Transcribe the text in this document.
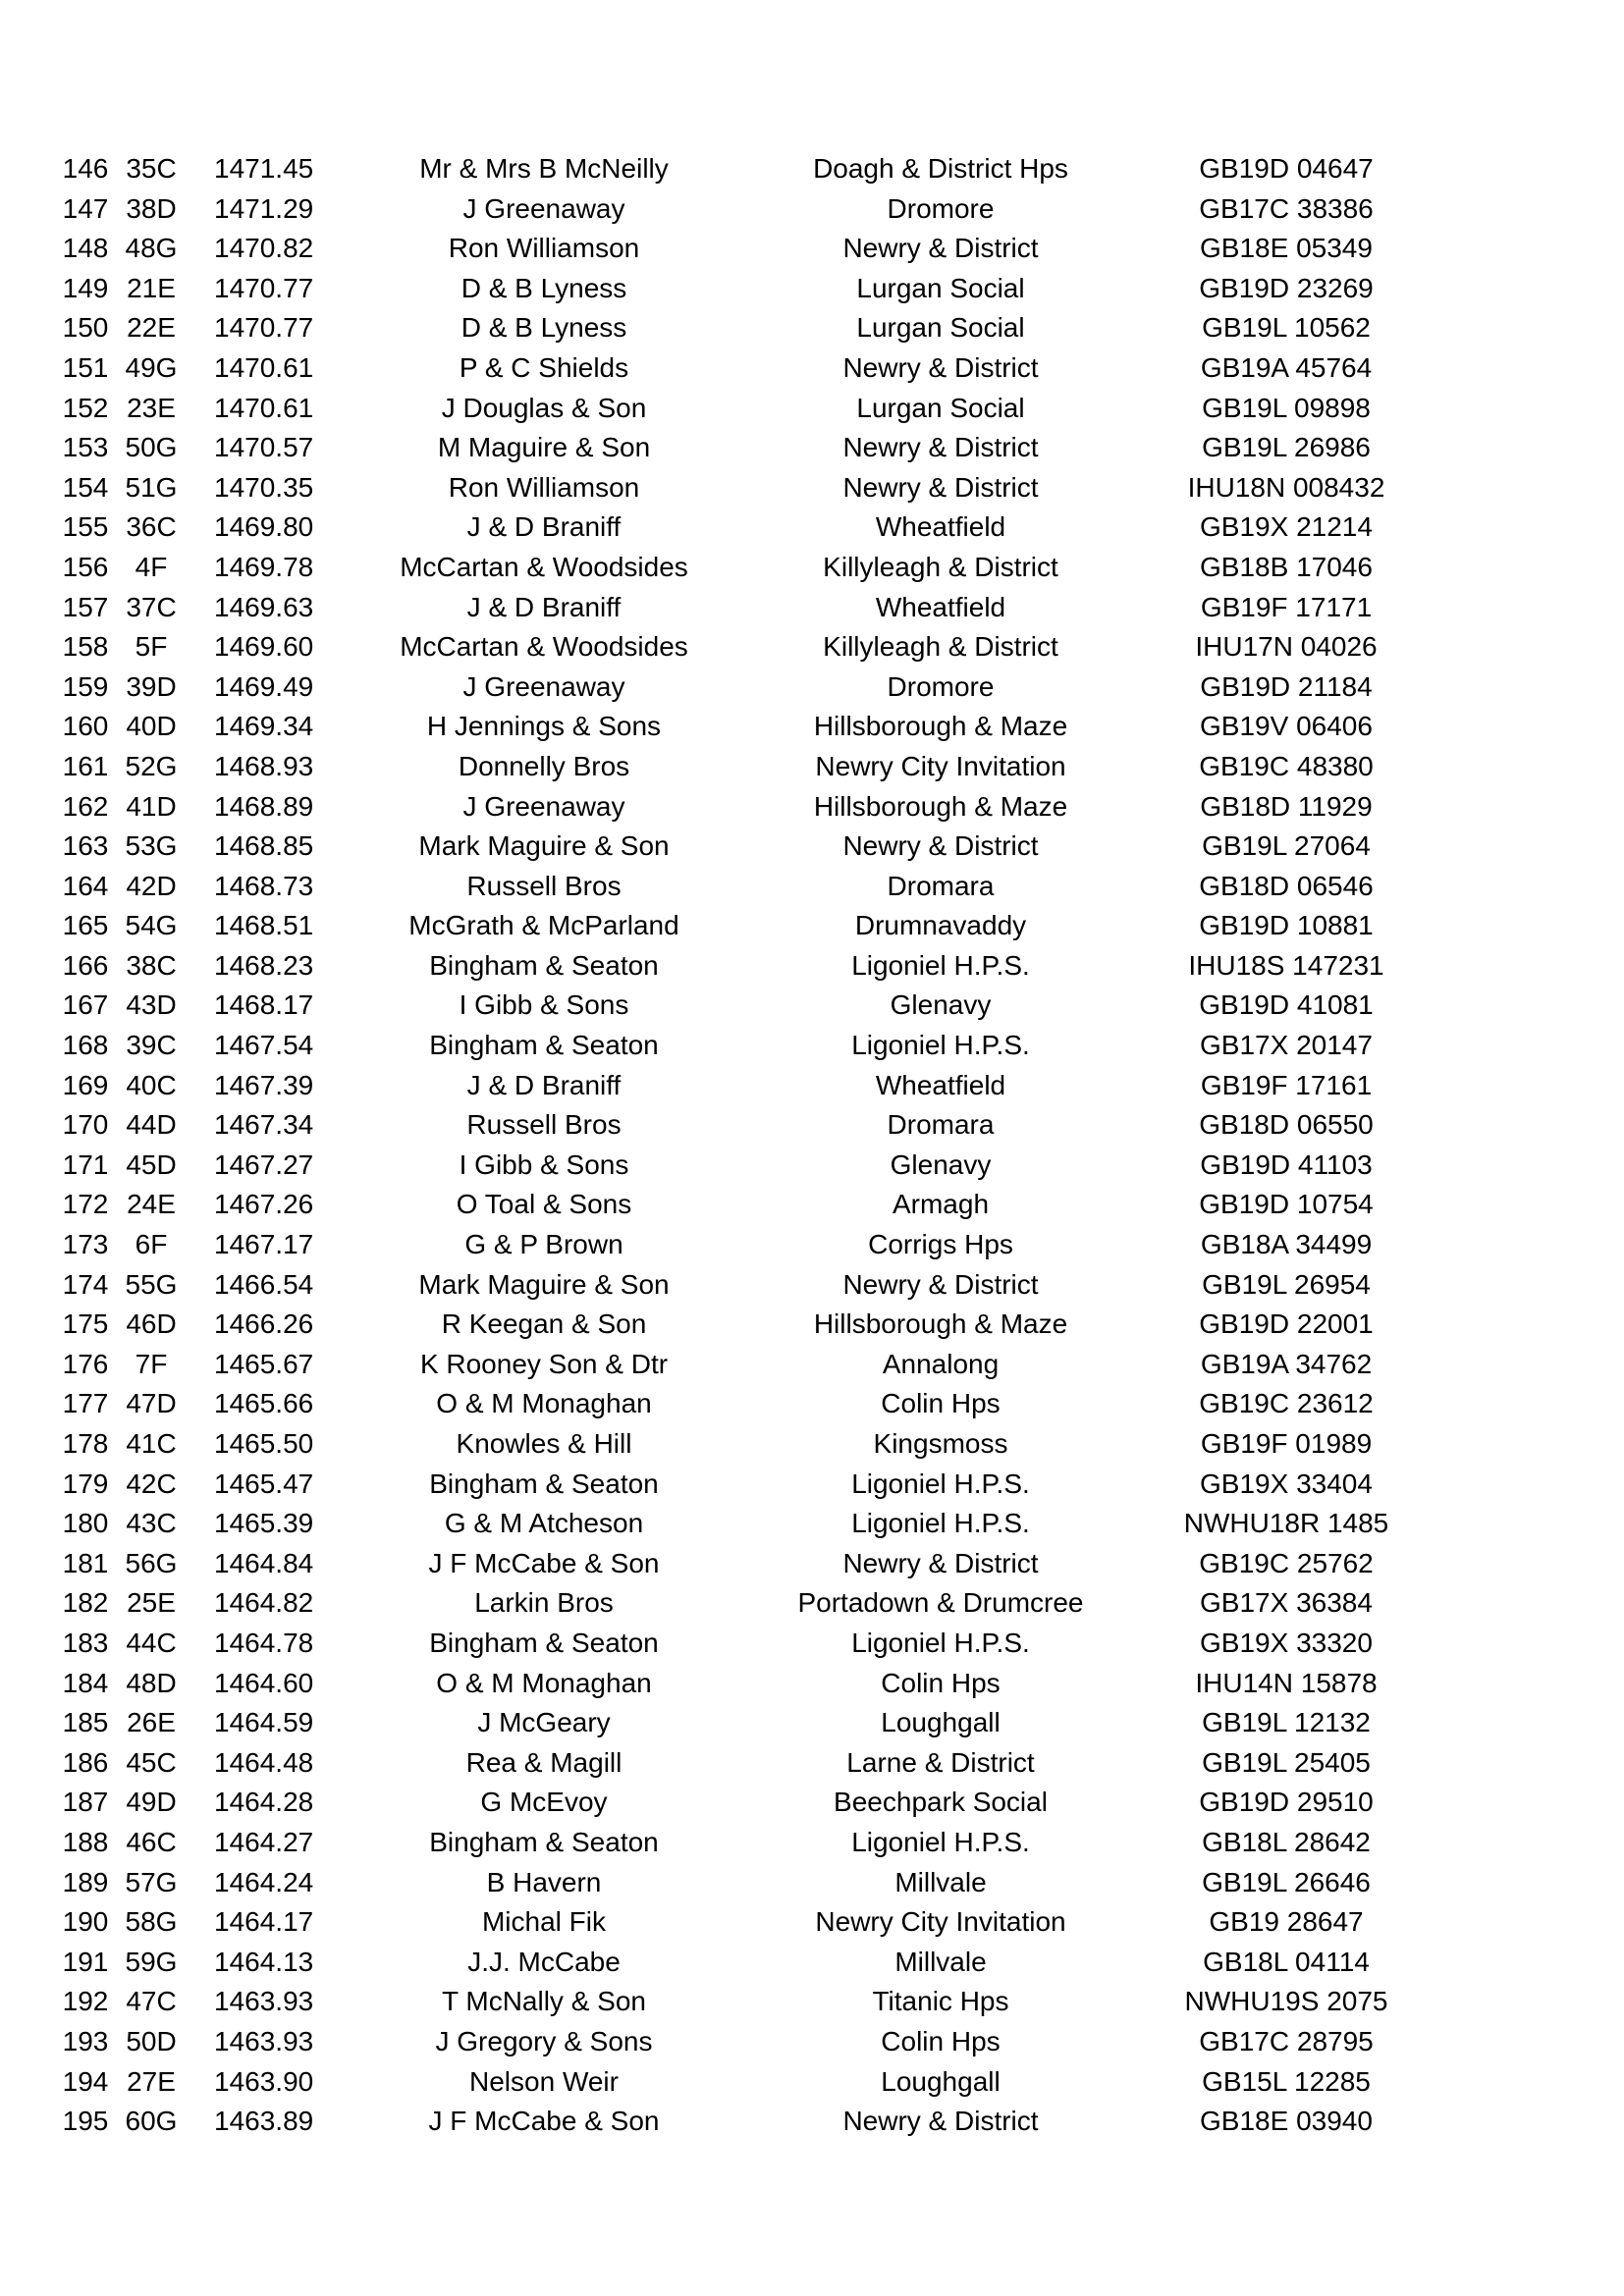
146 35C 1471.45	Mr & Mrs B McNeilly	Doagh & District Hps	GB19D 04647
147 38D 1471.29	J Greenaway	Dromore	GB17C 38386
148 48G 1470.82	Ron Williamson	Newry & District	GB18E 05349
149 21E 1470.77	D & B Lyness	Lurgan Social	GB19D 23269
150 22E 1470.77	D & B Lyness	Lurgan Social	GB19L 10562
151 49G 1470.61	P & C Shields	Newry & District	GB19A 45764
152 23E 1470.61	J Douglas & Son	Lurgan Social	GB19L 09898
153 50G 1470.57	M Maguire & Son	Newry & District	GB19L 26986
154 51G 1470.35	Ron Williamson	Newry & District	IHU18N 008432
155 36C 1469.80	J & D Braniff	Wheatfield	GB19X 21214
156 4F	1469.78	McCartan & Woodsides	Killyleagh & District	GB18B 17046
157 37C 1469.63	J & D Braniff	Wheatfield	GB19F 17171
158 5F	1469.60	McCartan & Woodsides	Killyleagh & District	IHU17N 04026
159 39D 1469.49	J Greenaway	Dromore	GB19D 21184
160 40D 1469.34	H Jennings & Sons	Hillsborough & Maze	GB19V 06406
161 52G 1468.93	Donnelly Bros	Newry City Invitation	GB19C 48380
162 41D 1468.89	J Greenaway	Hillsborough & Maze	GB18D 11929
163 53G 1468.85	Mark Maguire & Son	Newry & District	GB19L 27064
164 42D 1468.73	Russell Bros	Dromara	GB18D 06546
165 54G 1468.51	McGrath & McParland	Drumnavaddy	GB19D 10881
166 38C 1468.23	Bingham & Seaton	Ligoniel H.P.S.	IHU18S 147231
167 43D 1468.17	I Gibb & Sons	Glenavy	GB19D 41081
168 39C 1467.54	Bingham & Seaton	Ligoniel H.P.S.	GB17X 20147
169 40C 1467.39	J & D Braniff	Wheatfield	GB19F 17161
170 44D 1467.34	Russell Bros	Dromara	GB18D 06550
171 45D 1467.27	I Gibb & Sons	Glenavy	GB19D 41103
172 24E 1467.26	O Toal & Sons	Armagh	GB19D 10754
173 6F	1467.17	G & P Brown	Corrigs Hps	GB18A 34499
174 55G 1466.54	Mark Maguire & Son	Newry & District	GB19L 26954
175 46D 1466.26	R Keegan & Son	Hillsborough & Maze	GB19D 22001
176 7F	1465.67	K Rooney Son & Dtr	Annalong	GB19A 34762
177 47D 1465.66	O & M Monaghan	Colin Hps	GB19C 23612
178 41C 1465.50	Knowles & Hill	Kingsmoss	GB19F 01989
179 42C 1465.47	Bingham & Seaton	Ligoniel H.P.S.	GB19X 33404
180 43C 1465.39	G & M Atcheson	Ligoniel H.P.S.	NWHU18R 1485
181 56G 1464.84	J F McCabe & Son	Newry & District	GB19C 25762
182 25E 1464.82	Larkin Bros	Portadown & Drumcree	GB17X 36384
183 44C 1464.78	Bingham & Seaton	Ligoniel H.P.S.	GB19X 33320
184 48D 1464.60	O & M Monaghan	Colin Hps	IHU14N 15878
185 26E 1464.59	J McGeary	Loughgall	GB19L 12132
186 45C 1464.48	Rea & Magill	Larne & District	GB19L 25405
187 49D 1464.28	G McEvoy	Beechpark Social	GB19D 29510
188 46C 1464.27	Bingham & Seaton	Ligoniel H.P.S.	GB18L 28642
189 57G 1464.24	B Havern	Millvale	GB19L 26646
190 58G 1464.17	Michal Fik	Newry City Invitation	GB19 28647
191 59G 1464.13	J.J. McCabe	Millvale	GB18L 04114
192 47C 1463.93	T McNally & Son	Titanic Hps	NWHU19S 2075
193 50D 1463.93	J Gregory & Sons	Colin Hps	GB17C 28795
194 27E 1463.90	Nelson Weir	Loughgall	GB15L 12285
195 60G 1463.89	J F McCabe & Son	Newry & District	GB18E 03940
